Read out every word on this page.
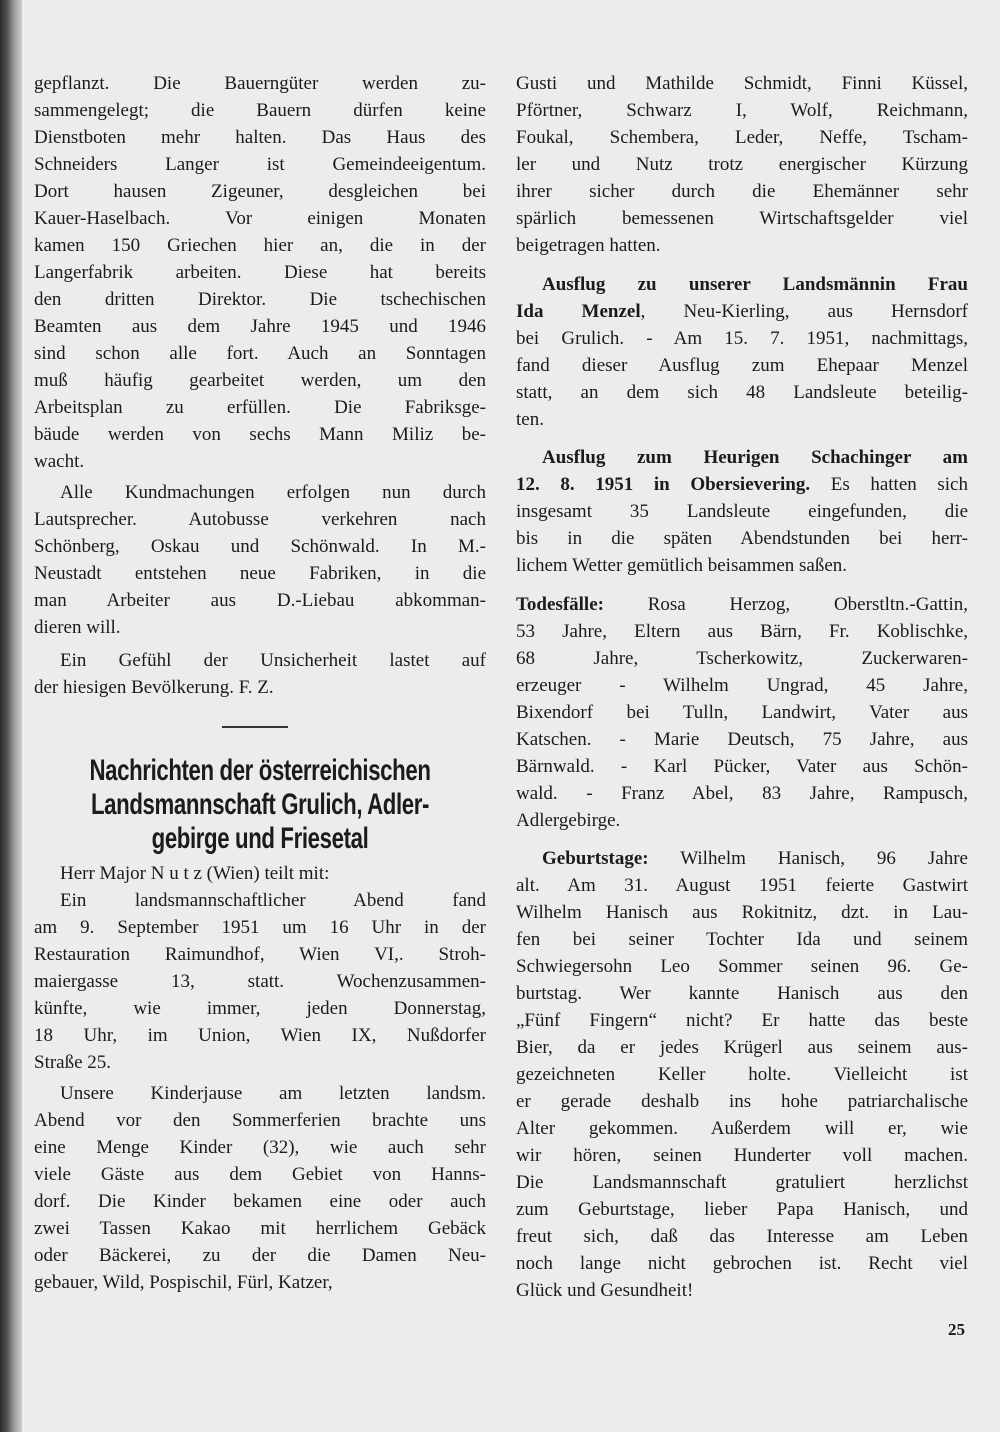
gepflanzt. Die Bauerngüter werden zu-
sammengelegt; die Bauern dürfen keine
Dienstboten mehr halten. Das Haus des
Schneiders Langer ist Gemeindeeigentum.
Dort hausen Zigeuner, desgleichen bei
Kauer-Haselbach. Vor einigen Monaten
kamen 150 Griechen hier an, die in der
Langerfabrik arbeiten. Diese hat bereits
den dritten Direktor. Die tschechischen
Beamten aus dem Jahre 1945 und 1946
sind schon alle fort. Auch an Sonntagen
muß häufig gearbeitet werden, um den
Arbeitsplan zu erfüllen. Die Fabriksge-
bäude werden von sechs Mann Miliz be-
wacht.
Alle Kundmachungen erfolgen nun durch
Lautsprecher. Autobusse verkehren nach
Schönberg, Oskau und Schönwald. In M.-
Neustadt entstehen neue Fabriken, in die
man Arbeiter aus D.-Liebau abkomman-
dieren will.
Ein Gefühl der Unsicherheit lastet auf
der hiesigen Bevölkerung. F. Z.
Herr Major N u t z (Wien) teilt mit:
Ein landsmannschaftlicher Abend fand
am 9. September 1951 um 16 Uhr in der
Restauration Raimundhof, Wien VI,. Stroh-
maiergasse 13, statt. Wochenzusammen-
künfte, wie immer, jeden Donnerstag,
18 Uhr, im Union, Wien IX, Nußdorfer
Straße 25.
Unsere Kinderjause am letzten landsm.
Abend vor den Sommerferien brachte uns
eine Menge Kinder (32), wie auch sehr
viele Gäste aus dem Gebiet von Hanns-
dorf. Die Kinder bekamen eine oder auch
zwei Tassen Kakao mit herrlichem Gebäck
oder Bäckerei, zu der die Damen Neu-
gebauer, Wild, Pospischil, Fürl, Katzer,
Nachrichten der österreichischen
Landsmannschaft Grulich, Adler-
gebirge und Friesetal
Gusti und Mathilde Schmidt, Finni Küssel,
Pförtner, Schwarz I, Wolf, Reichmann,
Foukal, Schembera, Leder, Neffe, Tscham-
ler und Nutz trotz energischer Kürzung
ihrer sicher durch die Ehemänner sehr
spärlich bemessenen Wirtschaftsgelder viel
beigetragen hatten.
Ausflug zu unserer Landsmännin Frau
Ida Menzel, Neu-Kierling, aus Hernsdorf
bei Grulich. - Am 15. 7. 1951, nachmittags,
fand dieser Ausflug zum Ehepaar Menzel
statt, an dem sich 48 Landsleute beteilig-
ten.
Ausflug zum Heurigen Schachinger am
12. 8. 1951 in Obersievering. Es hatten sich
insgesamt 35 Landsleute eingefunden, die
bis in die späten Abendstunden bei herr-
lichem Wetter gemütlich beisammen saßen.
Todesfälle: Rosa Herzog, Oberstltn.-Gattin,
53 Jahre, Eltern aus Bärn, Fr. Koblischke,
68 Jahre, Tscherkowitz, Zuckerwaren-
erzeuger - Wilhelm Ungrad, 45 Jahre,
Bixendorf bei Tulln, Landwirt, Vater aus
Katschen. - Marie Deutsch, 75 Jahre, aus
Bärnwald. - Karl Pücker, Vater aus Schön-
wald. - Franz Abel, 83 Jahre, Rampusch,
Adlergebirge.
Geburtstage: Wilhelm Hanisch, 96 Jahre
alt. Am 31. August 1951 feierte Gastwirt
Wilhelm Hanisch aus Rokitnitz, dzt. in Lau-
fen bei seiner Tochter Ida und seinem
Schwiegersohn Leo Sommer seinen 96. Ge-
burtstag. Wer kannte Hanisch aus den
„Fünf Fingern“ nicht? Er hatte das beste
Bier, da er jedes Krügerl aus seinem aus-
gezeichneten Keller holte. Vielleicht ist
er gerade deshalb ins hohe patriarchalische
Alter gekommen. Außerdem will er, wie
wir hören, seinen Hunderter voll machen.
Die Landsmannschaft gratuliert herzlichst
zum Geburtstage, lieber Papa Hanisch, und
freut sich, daß das Interesse am Leben
noch lange nicht gebrochen ist. Recht viel
Glück und Gesundheit!
25
